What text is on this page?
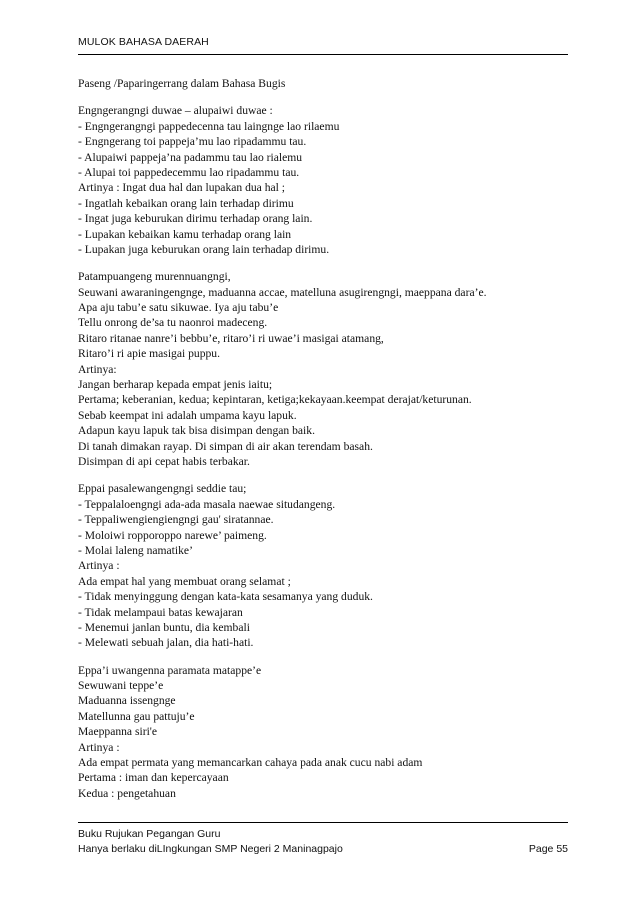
MULOK BAHASA DAERAH
Paseng /Paparingerrang dalam Bahasa Bugis
Engngerangngi duwae – alupaiwi duwae :
- Engngerangngi pappedecenna tau laingnge lao rilaemu
- Engngerang toi pappeja’mu lao ripadammu tau.
- Alupaiwi pappeja’na padammu tau lao rialemu
- Alupai toi pappedecemmu lao ripadammu tau.
Artinya : Ingat dua hal dan lupakan dua hal ;
- Ingatlah kebaikan orang lain terhadap dirimu
- Ingat juga keburukan dirimu terhadap orang lain.
- Lupakan kebaikan kamu terhadap orang lain
- Lupakan juga keburukan orang lain terhadap dirimu.
Patampuangeng murennuangngi,
Seuwani awaraningengnge, maduanna accae, matelluna asugirengngi, maeppana dara’e.
Apa aju tabu’e satu sikuwae. Iya aju tabu’e
Tellu onrong de’sa tu naonroi madeceng.
Ritaro ritanae nanre’i bebbu’e, ritaro’i ri uwae’i masigai atamang,
Ritaro’i ri apie masigai puppu.
Artinya:
Jangan berharap kepada empat jenis iaitu;
Pertama; keberanian, kedua; kepintaran, ketiga;kekayaan.keempat derajat/keturunan.
Sebab keempat ini adalah umpama kayu lapuk.
Adapun kayu lapuk tak bisa disimpan dengan baik.
Di tanah dimakan rayap. Di simpan di air akan terendam basah.
Disimpan di api cepat habis terbakar.
Eppai pasalewangengngi seddie tau;
- Teppalaloengngi ada-ada masala naewae situdangeng.
- Teppaliwengiengiengngi gau' siratannae.
- Moloiwi ropporoppo narewe’ paimeng.
- Molai laleng namatike’
Artinya :
Ada empat hal yang membuat orang selamat ;
- Tidak menyinggung dengan kata-kata sesamanya yang duduk.
- Tidak melampaui batas kewajaran
- Menemui janlan buntu, dia kembali
- Melewati sebuah jalan, dia hati-hati.
Eppa’i uwangenna paramata matappe’e
Sewuwani teppe’e
Maduanna issengnge
Matellunna gau pattuju’e
Maeppanna siri'e
Artinya :
Ada empat permata yang memancarkan cahaya pada anak cucu nabi adam
Pertama : iman dan kepercayaan
Kedua : pengetahuan
Buku Rujukan Pegangan Guru
Hanya berlaku diLIngkungan SMP Negeri 2 Maninagpajo	Page 55
